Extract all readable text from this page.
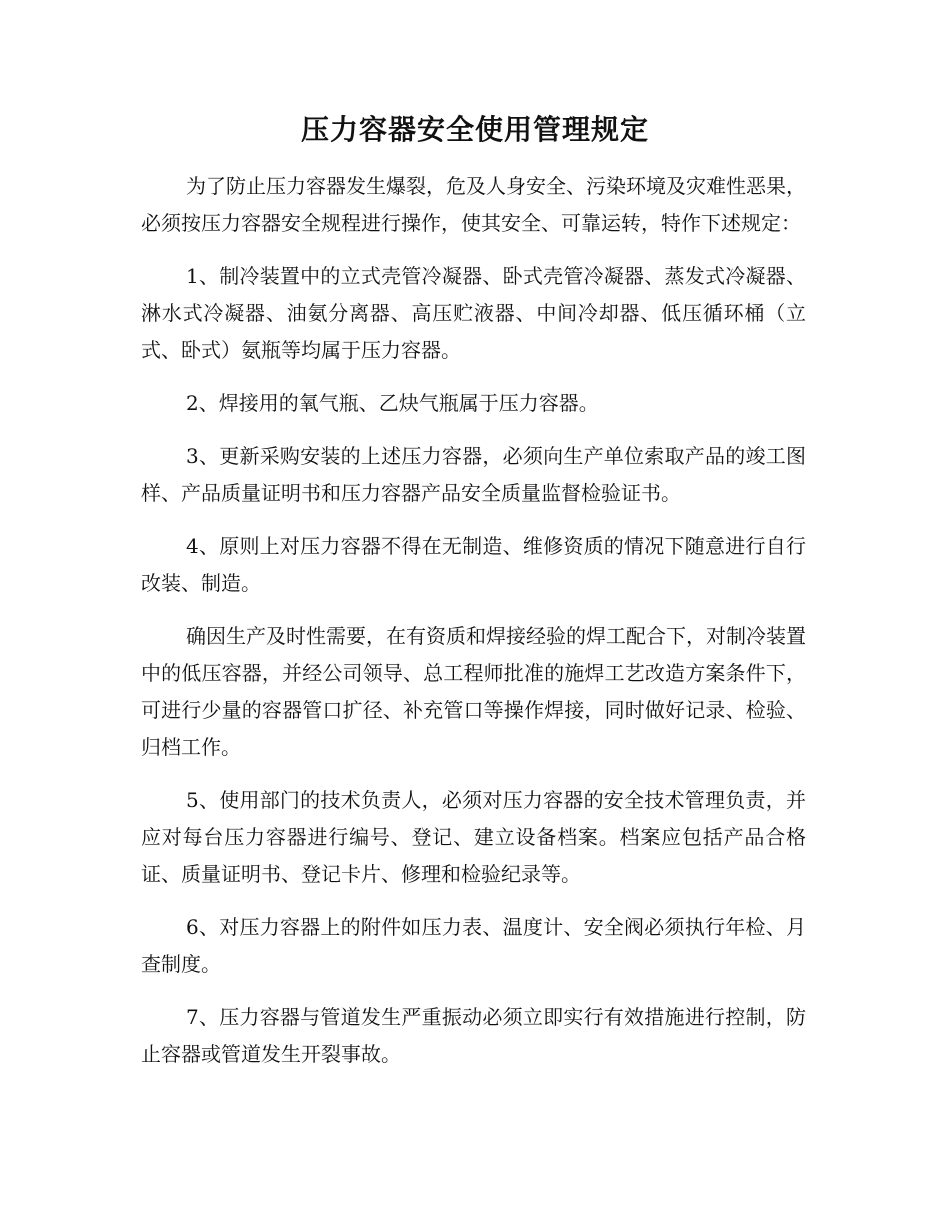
压力容器安全使用管理规定

为了防止压力容器发生爆裂，危及人身安全、污染环境及灾难性恶果，必须按压力容器安全规程进行操作，使其安全、可靠运转，特作下述规定：

1、制冷装置中的立式壳管冷凝器、卧式壳管冷凝器、蒸发式冷凝器、淋水式冷凝器、油氨分离器、高压贮液器、中间冷却器、低压循环桶（立式、卧式）氨瓶等均属于压力容器。

2、焊接用的氧气瓶、乙炔气瓶属于压力容器。

3、更新采购安装的上述压力容器，必须向生产单位索取产品的竣工图样、产品质量证明书和压力容器产品安全质量监督检验证书。

4、原则上对压力容器不得在无制造、维修资质的情况下随意进行自行改装、制造。

确因生产及时性需要，在有资质和焊接经验的焊工配合下，对制冷装置中的低压容器，并经公司领导、总工程师批准的施焊工艺改造方案条件下，可进行少量的容器管口扩径、补充管口等操作焊接，同时做好记录、检验、归档工作。

5、使用部门的技术负责人，必须对压力容器的安全技术管理负责，并应对每台压力容器进行编号、登记、建立设备档案。档案应包括产品合格证、质量证明书、登记卡片、修理和检验纪录等。

6、对压力容器上的附件如压力表、温度计、安全阀必须执行年检、月查制度。

7、压力容器与管道发生严重振动必须立即实行有效措施进行控制，防止容器或管道发生开裂事故。
